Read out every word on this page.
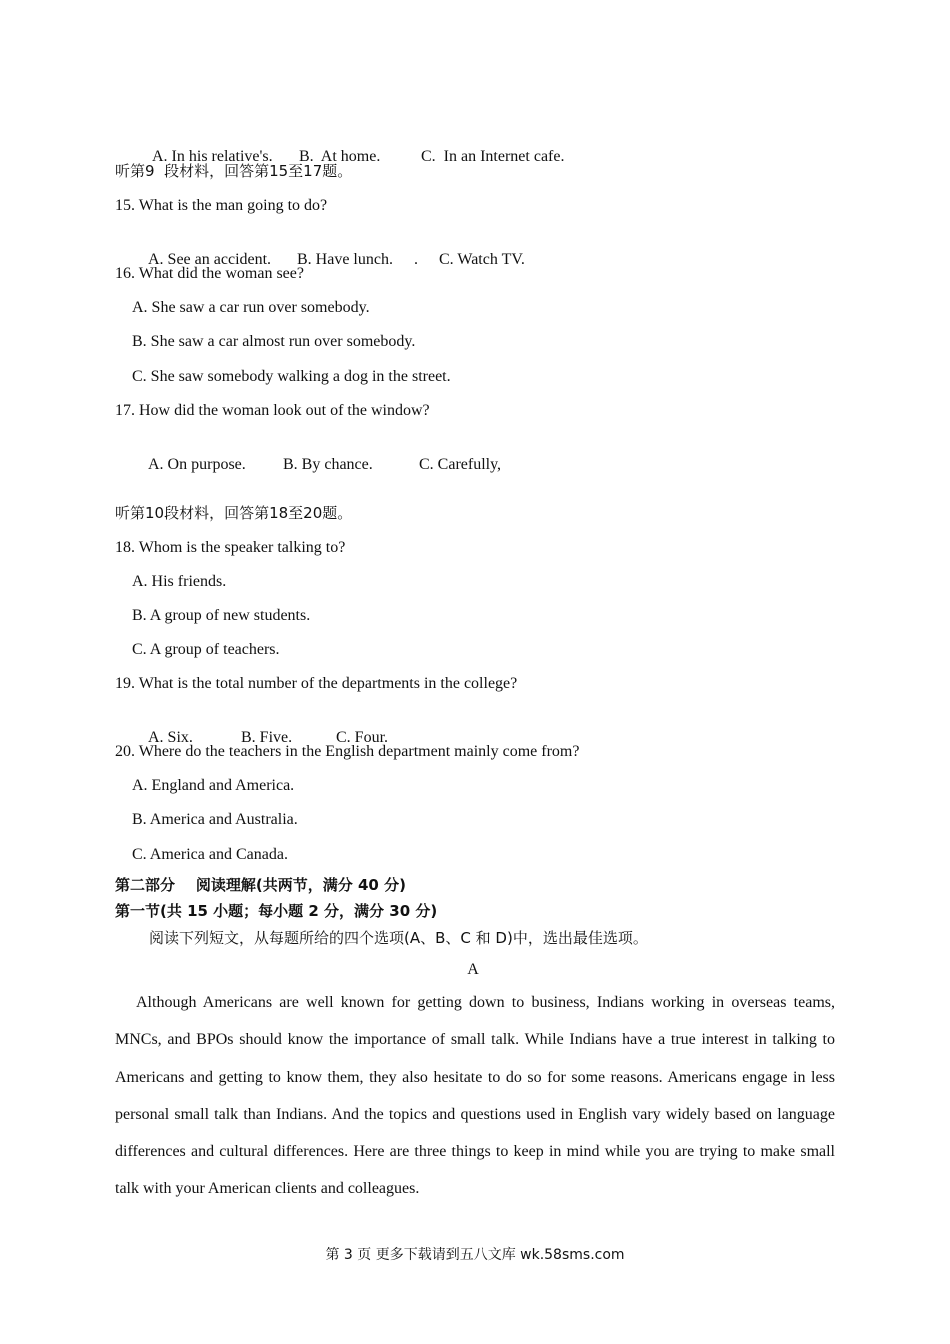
A. In his relative's. B.  At home.	C.  In an Internet cafe.

听第9  段材料，回答第15至17题。
15. What is the man going to do?

A. See an accident. B. Have lunch. . C. Watch TV.

16. What did the woman see?
A. She saw a car run over somebody.
B. She saw a car almost run over somebody.
C. She saw somebody walking a dog in the street.
17. How did the woman look out of the window?

A. On purpose. B. By chance.	C. Carefully,

听第10段材料，回答第18至20题。
18. Whom is the speaker talking to?
A. His friends.
B. A group of new students.
C. A group of teachers.
19. What is the total number of the departments in the college?

A. Six.	B. Five.	C. Four.

20. Where do the teachers in the English department mainly come from?
A. England and America.
B. America and Australia.
C. America and Canada.
第二部分    阅读理解(共两节，满分 40 分)
第一节(共 15 小题；每小题 2 分，满分 30 分)
阅读下列短文，从每题所给的四个选项(A、B、C 和 D)中，选出最佳选项。
A

Although Americans are well known for getting down to business, Indians working in overseas teams, MNCs, and BPOs should know the importance of small talk. While Indians have a true interest in talking to Americans and getting to know them, they also hesitate to do so for some reasons. Americans engage in less personal small talk than Indians. And the topics and questions used in English vary widely based on language differences and cultural differences. Here are three things to keep in mind while you are trying to make small talk with your American clients and colleagues.

第 3 页 更多下载请到五八文库 wk.58sms.com
